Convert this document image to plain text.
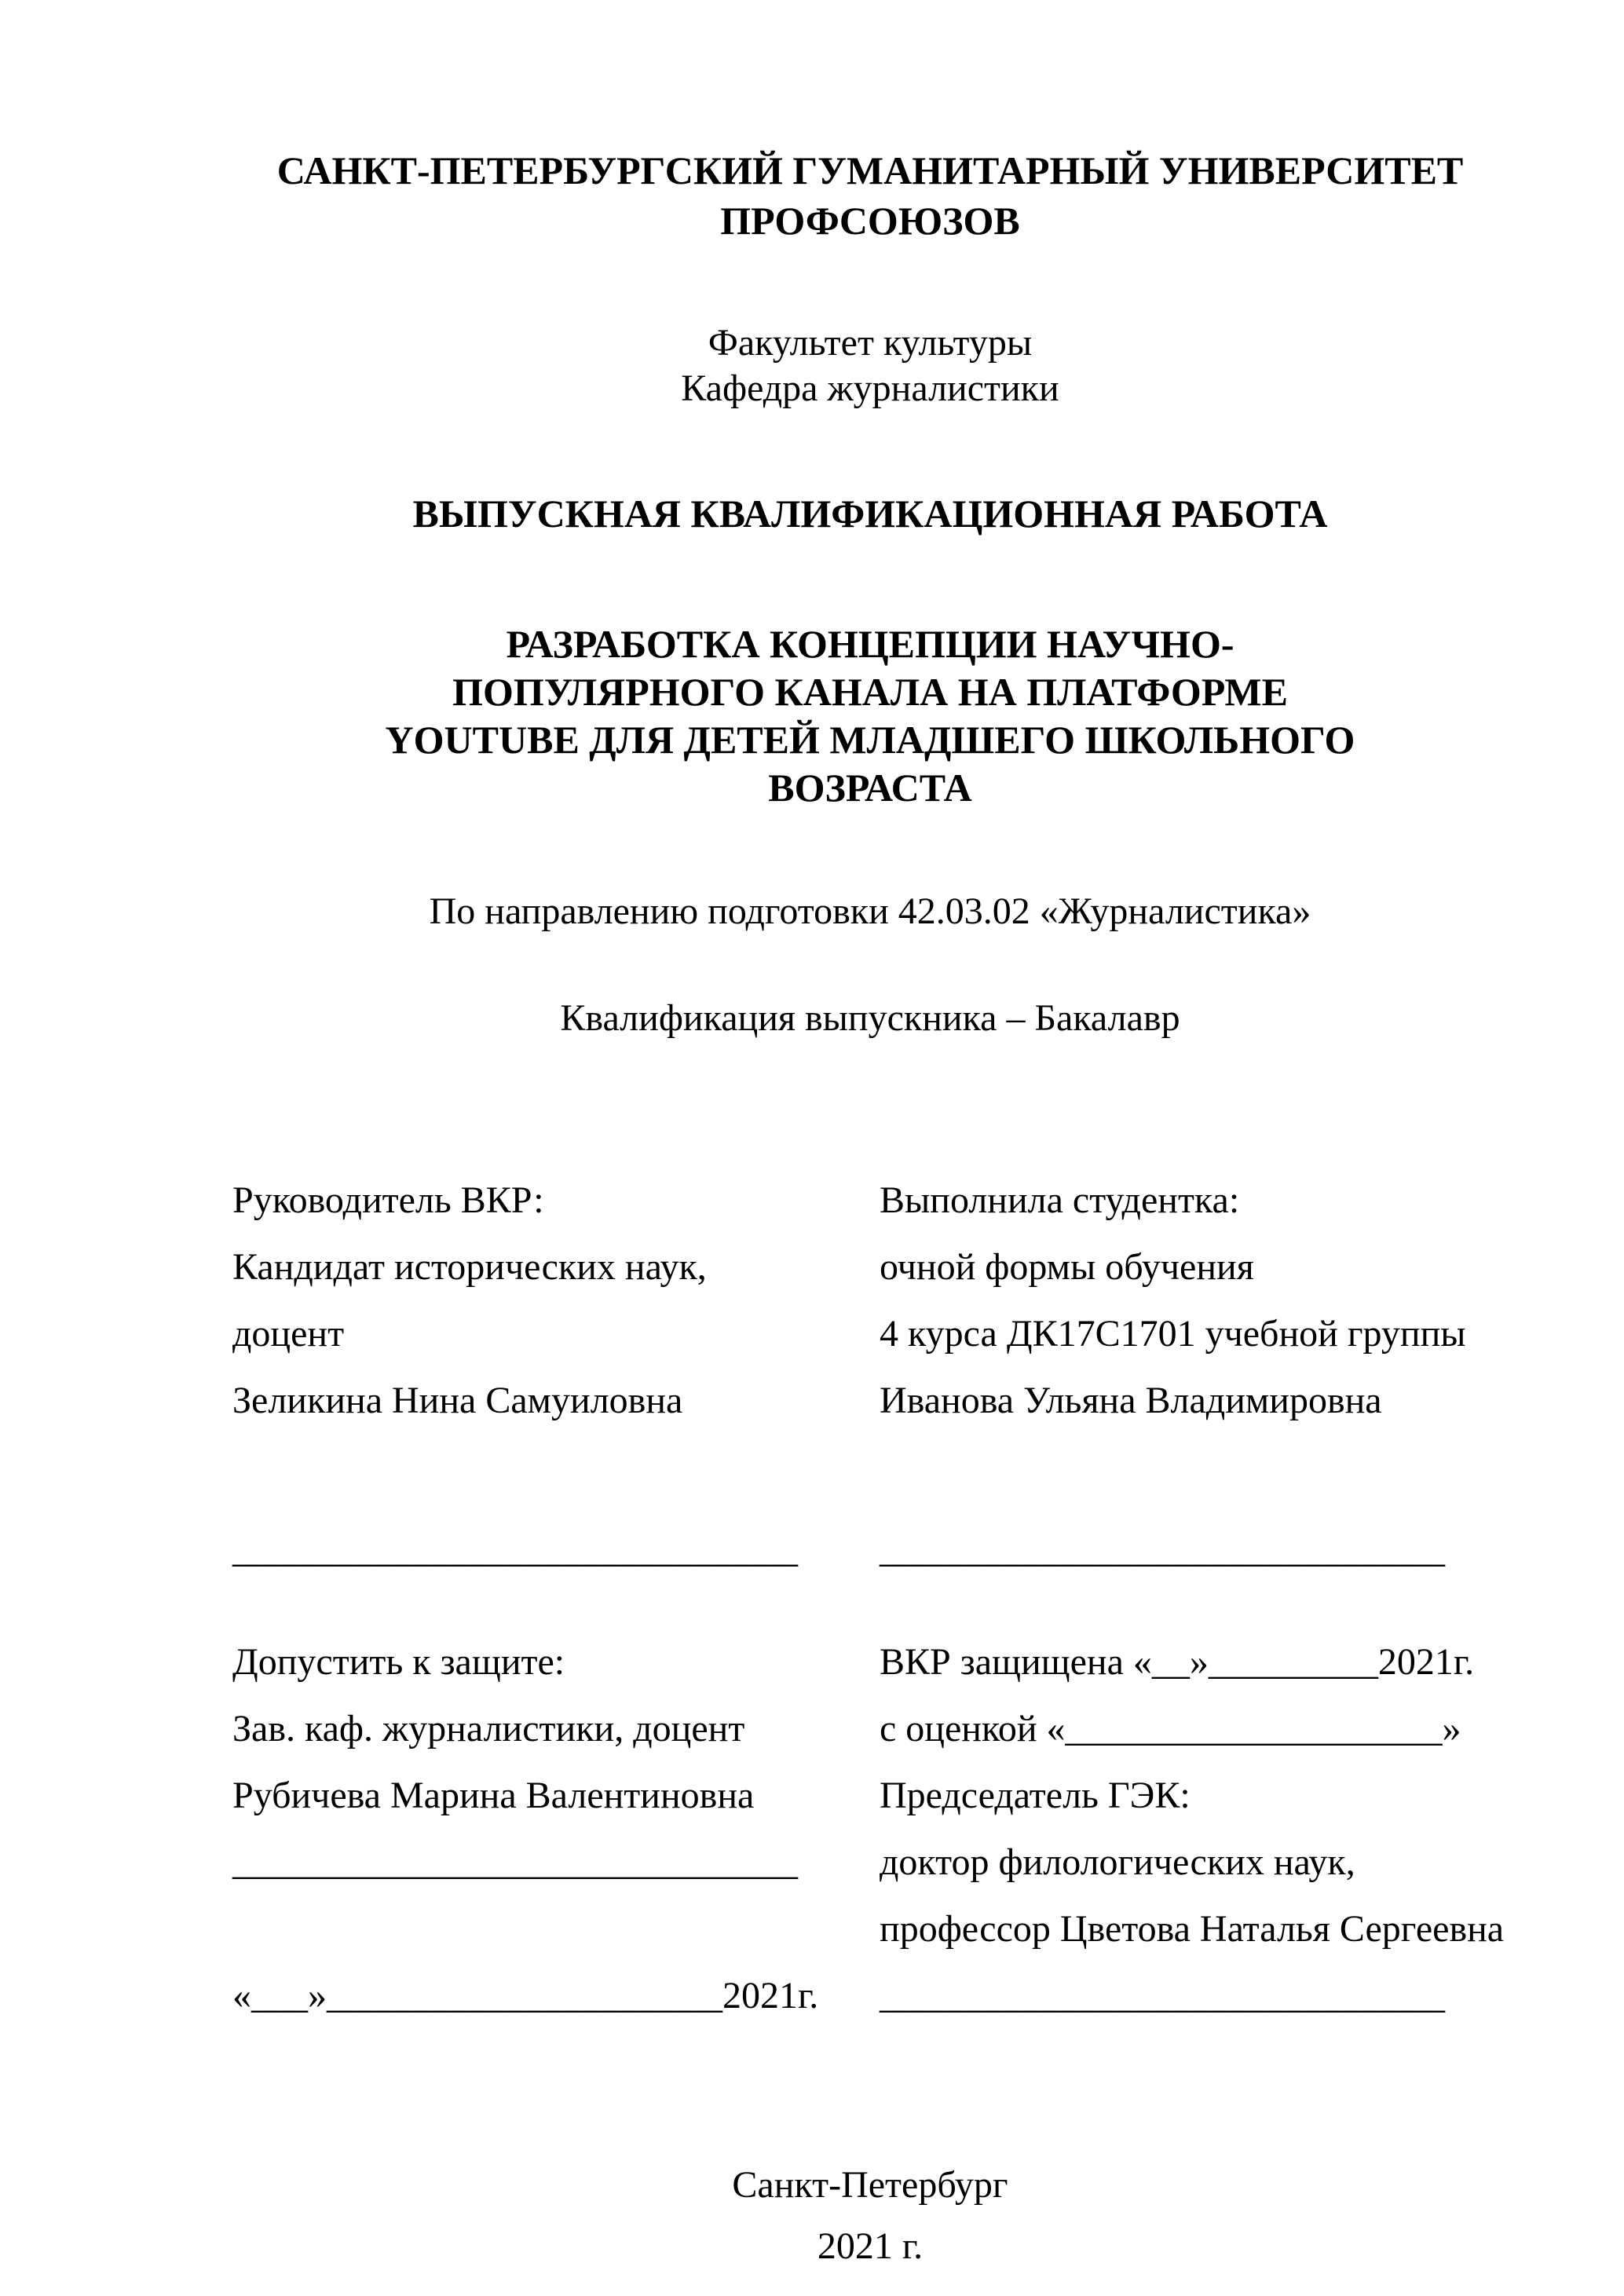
САНКТ-ПЕТЕРБУРГСКИЙ ГУМАНИТАРНЫЙ УНИВЕРСИТЕТ
ПРОФСОЮЗОВ
Факультет культуры
Кафедра журналистики
ВЫПУСКНАЯ КВАЛИФИКАЦИОННАЯ РАБОТА
РАЗРАБОТКА КОНЦЕПЦИИ НАУЧНО-
ПОПУЛЯРНОГО КАНАЛА НА ПЛАТФОРМЕ
YOUTUBE ДЛЯ ДЕТЕЙ МЛАДШЕГО ШКОЛЬНОГО
ВОЗРАСТА
По направлению подготовки 42.03.02 «Журналистика»
Квалификация выпускника – Бакалавр
Руководитель ВКР:
Кандидат исторических наук,
доцент
Зеликина Нина Самуиловна
Выполнила студентка:
очной формы обучения
4 курса ДК17С1701 учебной группы
Иванова Ульяна Владимировна
______________________________	______________________________
Допустить к защите:
Зав. каф. журналистики, доцент
Рубичева Марина Валентиновна
______________________________
«___»_____________________2021г.
ВКР защищена «__»_________2021г.
с оценкой «____________________»
Председатель ГЭК:
доктор филологических наук,
профессор Цветова Наталья Сергеевна
______________________________
Санкт-Петербург
2021 г.
